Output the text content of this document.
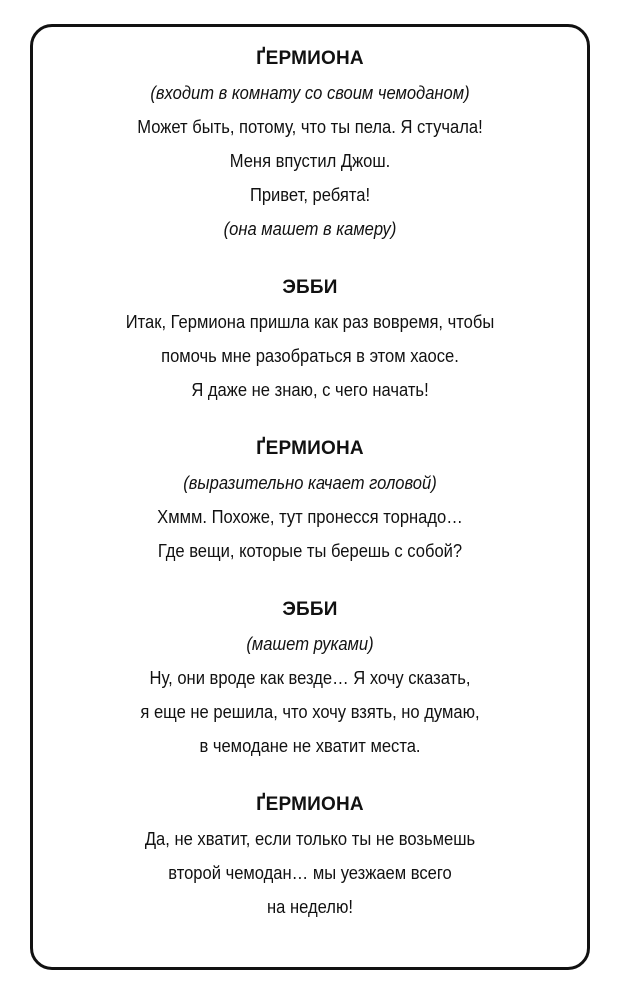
ҐЕРМИОНА
(входит в комнату со своим чемоданом)
Может быть, потому, что ты пела. Я стучала!
Меня впустил Джош.
Привет, ребята!
(она машет в камеру)
ЭББИ
Итак, Гермиона пришла как раз вовремя, чтобы
помочь мне разобраться в этом хаосе.
Я даже не знаю, с чего начать!
ҐЕРМИОНА
(выразительно качает головой)
Хммм. Похоже, тут пронесся торнадо…
Где вещи, которые ты берешь с собой?
ЭББИ
(машет руками)
Ну, они вроде как везде… Я хочу сказать,
я еще не решила, что хочу взять, но думаю,
в чемодане не хватит места.
ҐЕРМИОНА
Да, не хватит, если только ты не возьмешь
второй чемодан… мы уезжаем всего
на неделю!
